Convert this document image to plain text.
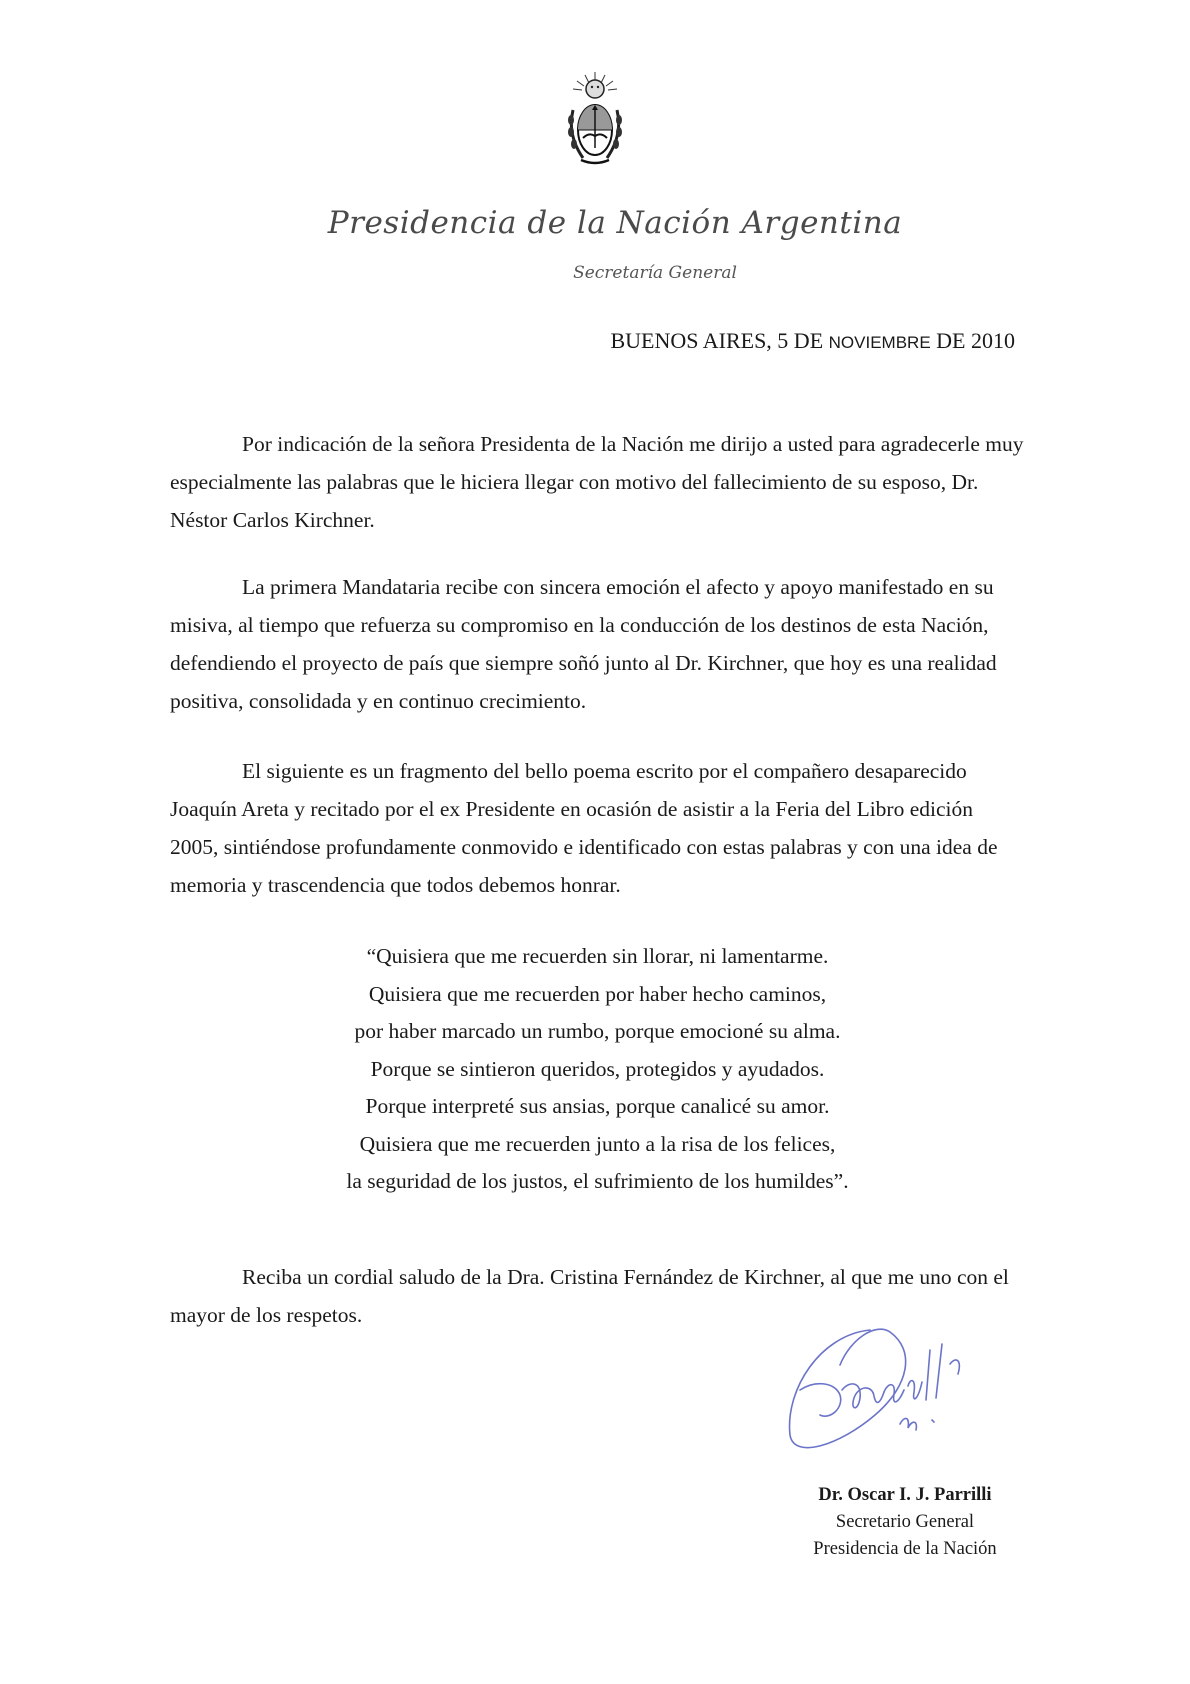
Presidencia de la Nación Argentina
Secretaría General
BUENOS AIRES, 5 DE NOVIEMBRE DE 2010

Por indicación de la señora Presidenta de la Nación me dirijo a usted para agradecerle muy especialmente las palabras que le hiciera llegar con motivo del fallecimiento de su esposo, Dr. Néstor Carlos Kirchner.

La primera Mandataria recibe con sincera emoción el afecto y apoyo manifestado en su misiva, al tiempo que refuerza su compromiso en la conducción de los destinos de esta Nación, defendiendo el proyecto de país que siempre soñó junto al Dr. Kirchner, que hoy es una realidad positiva, consolidada y en continuo crecimiento.

El siguiente es un fragmento del bello poema escrito por el compañero desaparecido Joaquín Areta y recitado por el ex Presidente en ocasión de asistir a la Feria del Libro edición 2005, sintiéndose profundamente conmovido e identificado con estas palabras y con una idea de memoria y trascendencia que todos debemos honrar.

“Quisiera que me recuerden sin llorar, ni lamentarme.
Quisiera que me recuerden por haber hecho caminos,
por haber marcado un rumbo, porque emocioné su alma.
Porque se sintieron queridos, protegidos y ayudados.
Porque interpreté sus ansias, porque canalicé su amor.
Quisiera que me recuerden junto a la risa de los felices,
la seguridad de los justos, el sufrimiento de los humildes”.

Reciba un cordial saludo de la Dra. Cristina Fernández de Kirchner, al que me uno con el mayor de los respetos.

Dr. Oscar I. J. Parrilli
Secretario General
Presidencia de la Nación
